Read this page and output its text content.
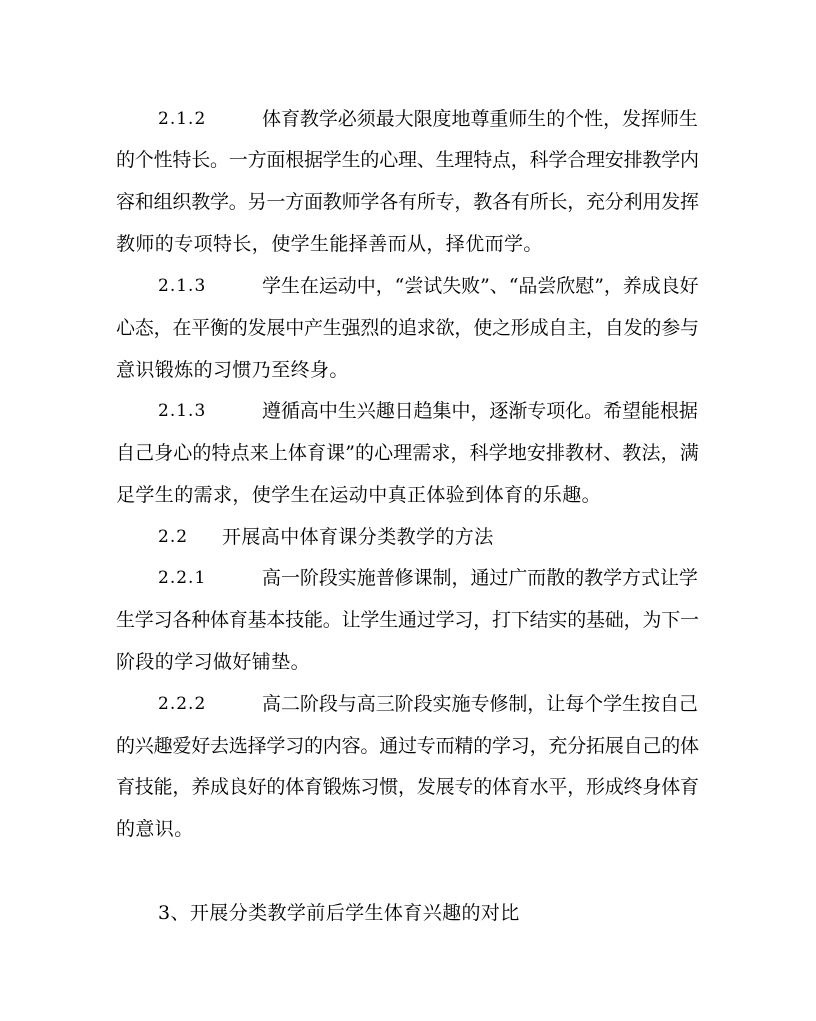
2.1.2	体育教学必须最大限度地尊重师生的个性，发挥师生
的个性特长。一方面根据学生的心理、生理特点，科学合理安排教学内
容和组织教学。另一方面教师学各有所专，教各有所长，充分利用发挥
教师的专项特长，使学生能择善而从，择优而学。
2.1.3	学生在运动中，“尝试失败”、“品尝欣慰”，养成良好
心态，在平衡的发展中产生强烈的追求欲，使之形成自主，自发的参与
意识锻炼的习惯乃至终身。
2.1.3	遵循高中生兴趣日趋集中，逐渐专项化。希望能根据
自己身心的特点来上体育课”的心理需求，科学地安排教材、教法，满
足学生的需求，使学生在运动中真正体验到体育的乐趣。
2.2 开展高中体育课分类教学的方法
2.2.1	高一阶段实施普修课制，通过广而散的教学方式让学
生学习各种体育基本技能。让学生通过学习，打下结实的基础，为下一
阶段的学习做好铺垫。
2.2.2	高二阶段与高三阶段实施专修制，让每个学生按自己
的兴趣爱好去选择学习的内容。通过专而精的学习，充分拓展自己的体
育技能，养成良好的体育锻炼习惯，发展专的体育水平，形成终身体育
的意识。
3、开展分类教学前后学生体育兴趣的对比
